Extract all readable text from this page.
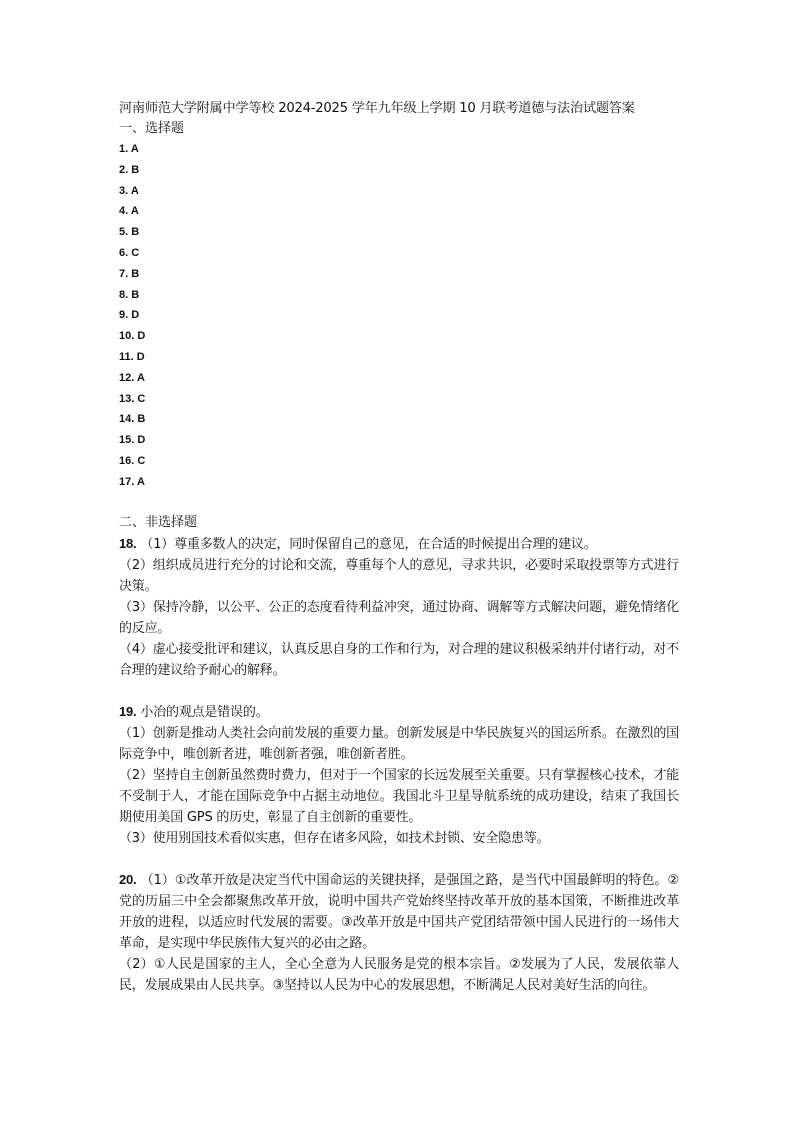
河南师范大学附属中学等校 2024-2025 学年九年级上学期 10 月联考道德与法治试题答案
一、选择题
1. A
2. B
3. A
4. A
5. B
6. C
7. B
8. B
9. D
10. D
11. D
12. A
13. C
14. B
15. D
16. C
17. A
二、非选择题

18. （1）尊重多数人的决定，同时保留自己的意见，在合适的时候提出合理的建议。

（2）组织成员进行充分的讨论和交流，尊重每个人的意见，寻求共识，必要时采取投票等方式进行决策。

（3）保持冷静，以公平、公正的态度看待利益冲突，通过协商、调解等方式解决问题，避免情绪化的反应。

（4）虚心接受批评和建议，认真反思自身的工作和行为，对合理的建议积极采纳并付诸行动，对不合理的建议给予耐心的解释。

19. 小冶的观点是错误的。

（1）创新是推动人类社会向前发展的重要力量。创新发展是中华民族复兴的国运所系。在激烈的国际竞争中，唯创新者进，唯创新者强，唯创新者胜。

（2）坚持自主创新虽然费时费力，但对于一个国家的长远发展至关重要。只有掌握核心技术，才能不受制于人，才能在国际竞争中占据主动地位。我国北斗卫星导航系统的成功建设，结束了我国长期使用美国 GPS 的历史，彰显了自主创新的重要性。

（3）使用别国技术看似实惠，但存在诸多风险，如技术封锁、安全隐患等。

20. （1）①改革开放是决定当代中国命运的关键抉择，是强国之路，是当代中国最鲜明的特色。②党的历届三中全会都聚焦改革开放，说明中国共产党始终坚持改革开放的基本国策，不断推进改革开放的进程，以适应时代发展的需要。③改革开放是中国共产党团结带领中国人民进行的一场伟大革命，是实现中华民族伟大复兴的必由之路。

（2）①人民是国家的主人，全心全意为人民服务是党的根本宗旨。②发展为了人民，发展依靠人民，发展成果由人民共享。③坚持以人民为中心的发展思想，不断满足人民对美好生活的向往。
